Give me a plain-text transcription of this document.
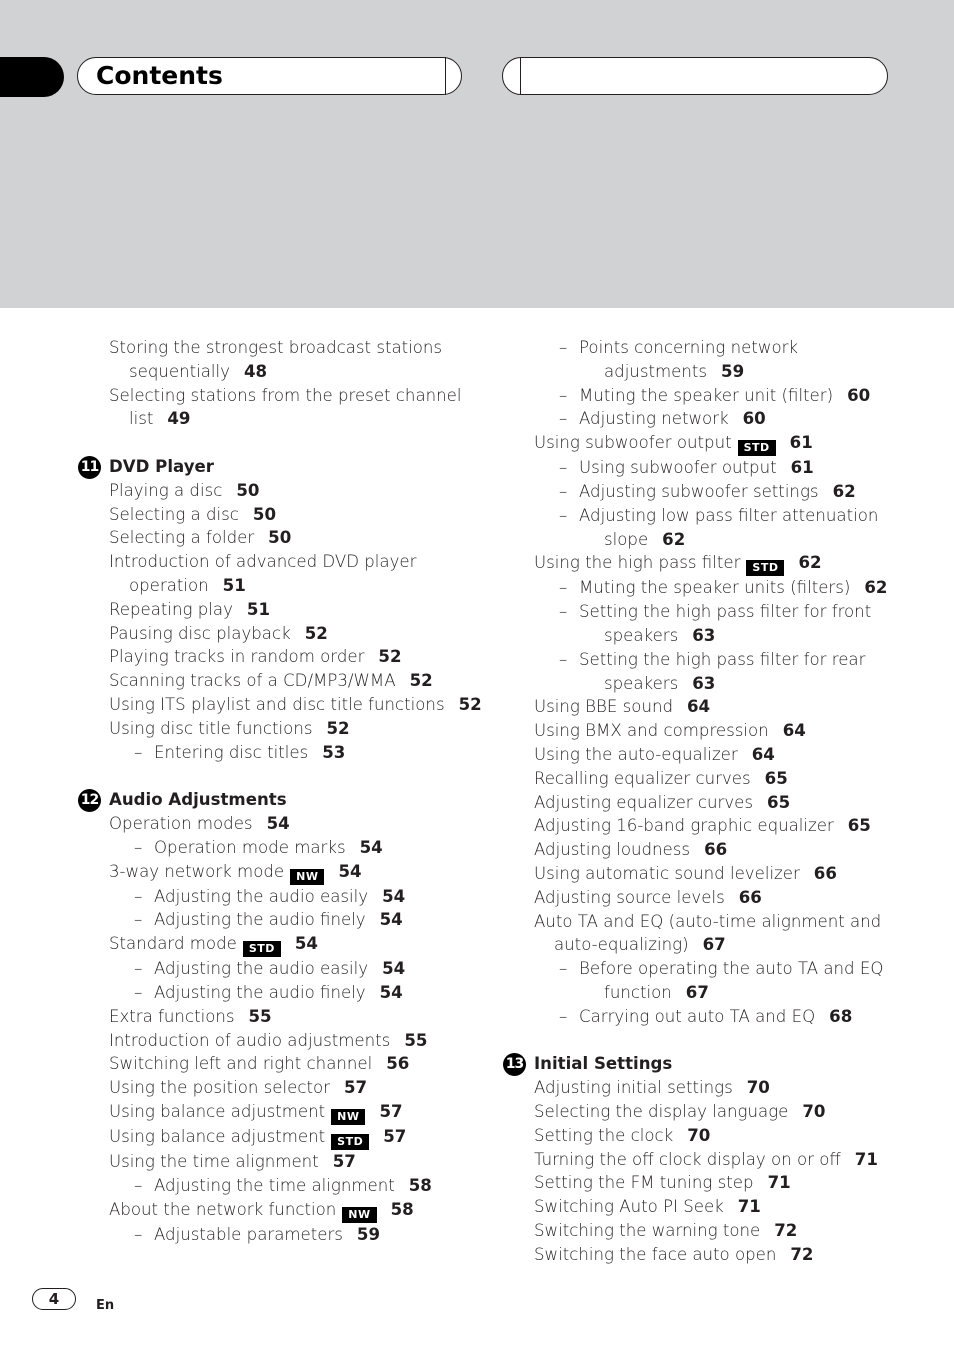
Contents
Storing the strongest broadcast stations
sequentially 48
Selecting stations from the preset channel
list 49
11 DVD Player
Playing a disc 50
Selecting a disc 50
Selecting a folder 50
Introduction of advanced DVD player
operation 51
Repeating play 51
Pausing disc playback 52
Playing tracks in random order 52
Scanning tracks of a CD/MP3/WMA 52
Using ITS playlist and disc title functions 52
Using disc title functions 52
– Entering disc titles 53
12 Audio Adjustments
Operation modes 54
– Operation mode marks 54
3-way network mode NW 54
– Adjusting the audio easily 54
– Adjusting the audio finely 54
Standard mode STD 54
– Adjusting the audio easily 54
– Adjusting the audio finely 54
Extra functions 55
Introduction of audio adjustments 55
Switching left and right channel 56
Using the position selector 57
Using balance adjustment NW 57
Using balance adjustment STD 57
Using the time alignment 57
– Adjusting the time alignment 58
About the network function NW 58
– Adjustable parameters 59
– Points concerning network
adjustments 59
– Muting the speaker unit (filter) 60
– Adjusting network 60
Using subwoofer output STD 61
– Using subwoofer output 61
– Adjusting subwoofer settings 62
– Adjusting low pass filter attenuation
slope 62
Using the high pass filter STD 62
– Muting the speaker units (filters) 62
– Setting the high pass filter for front
speakers 63
– Setting the high pass filter for rear
speakers 63
Using BBE sound 64
Using BMX and compression 64
Using the auto-equalizer 64
Recalling equalizer curves 65
Adjusting equalizer curves 65
Adjusting 16-band graphic equalizer 65
Adjusting loudness 66
Using automatic sound levelizer 66
Adjusting source levels 66
Auto TA and EQ (auto-time alignment and
auto-equalizing) 67
– Before operating the auto TA and EQ
function 67
– Carrying out auto TA and EQ 68
13 Initial Settings
Adjusting initial settings 70
Selecting the display language 70
Setting the clock 70
Turning the off clock display on or off 71
Setting the FM tuning step 71
Switching Auto PI Seek 71
Switching the warning tone 72
Switching the face auto open 72
4	En
